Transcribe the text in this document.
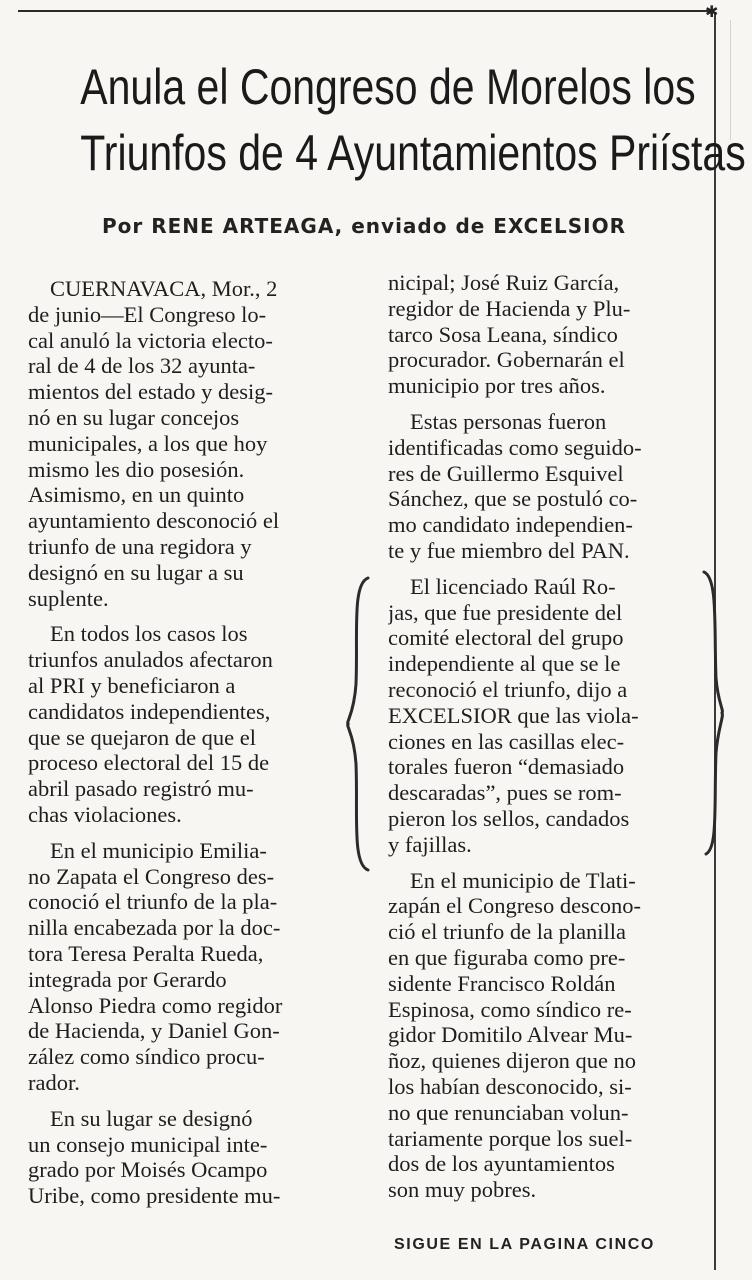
✱
Anula el Congreso de Morelos los
Triunfos de 4 Ayuntamientos Priístas
Por RENE ARTEAGA, enviado de EXCELSIOR
CUERNAVACA, Mor., 2
de junio—El Congreso lo-
cal anuló la victoria electo-
ral de 4 de los 32 ayunta-
mientos del estado y desig-
nó en su lugar concejos
municipales, a los que hoy
mismo les dio posesión.
Asimismo, en un quinto
ayuntamiento desconoció el
triunfo de una regidora y
designó en su lugar a su
suplente.
En todos los casos los
triunfos anulados afectaron
al PRI y beneficiaron a
candidatos independientes,
que se quejaron de que el
proceso electoral del 15 de
abril pasado registró mu-
chas violaciones.
En el municipio Emilia-
no Zapata el Congreso des-
conoció el triunfo de la pla-
nilla encabezada por la doc-
tora Teresa Peralta Rueda,
integrada por Gerardo
Alonso Piedra como regidor
de Hacienda, y Daniel Gon-
zález como síndico procu-
rador.
En su lugar se designó
un consejo municipal inte-
grado por Moisés Ocampo
Uribe, como presidente mu-
nicipal; José Ruiz García,
regidor de Hacienda y Plu-
tarco Sosa Leana, síndico
procurador. Gobernarán el
municipio por tres años.
Estas personas fueron
identificadas como seguido-
res de Guillermo Esquivel
Sánchez, que se postuló co-
mo candidato independien-
te y fue miembro del PAN.
El licenciado Raúl Ro-
jas, que fue presidente del
comité electoral del grupo
independiente al que se le
reconoció el triunfo, dijo a
EXCELSIOR que las viola-
ciones en las casillas elec-
torales fueron “demasiado
descaradas”, pues se rom-
pieron los sellos, candados
y fajillas.
En el municipio de Tlati-
zapán el Congreso descono-
ció el triunfo de la planilla
en que figuraba como pre-
sidente Francisco Roldán
Espinosa, como síndico re-
gidor Domitilo Alvear Mu-
ñoz, quienes dijeron que no
los habían desconocido, si-
no que renunciaban volun-
tariamente porque los suel-
dos de los ayuntamientos
son muy pobres.
SIGUE EN LA PAGINA CINCO
